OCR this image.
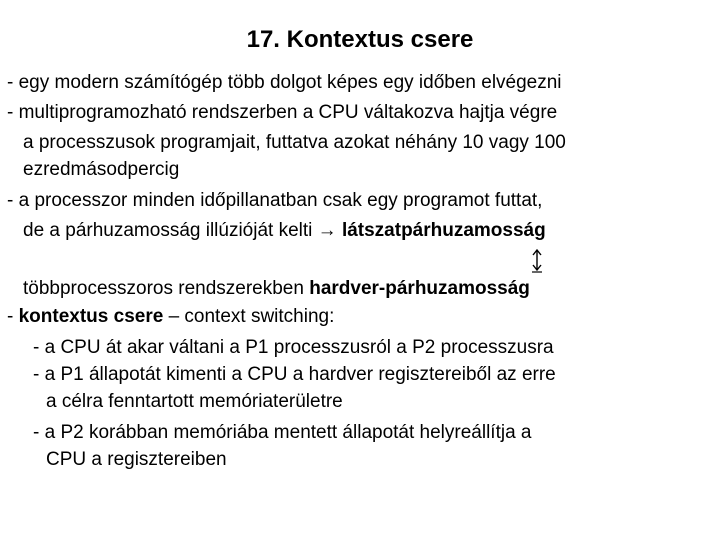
17. Kontextus csere
- egy modern számítógép több dolgot képes egy időben elvégezni
- multiprogramozható rendszerben a CPU váltakozva hajtja végre
a processzusok programjait, futtatva azokat néhány 10 vagy 100
ezredmásodpercig
- a processzor minden időpillanatban csak egy programot futtat,
de a párhuzamosság illúzióját kelti → látszatpárhuzamosság
többprocesszoros rendszerekben hardver-párhuzamosság
- kontextus csere – context switching:
- a CPU át akar váltani a P1 processzusról a P2 processzusra
- a P1 állapotát kimenti a CPU a hardver regisztereiből az erre
a célra fenntartott memóriaterületre
- a P2 korábban memóriába mentett állapotát helyreállítja a
CPU a regisztereiben
